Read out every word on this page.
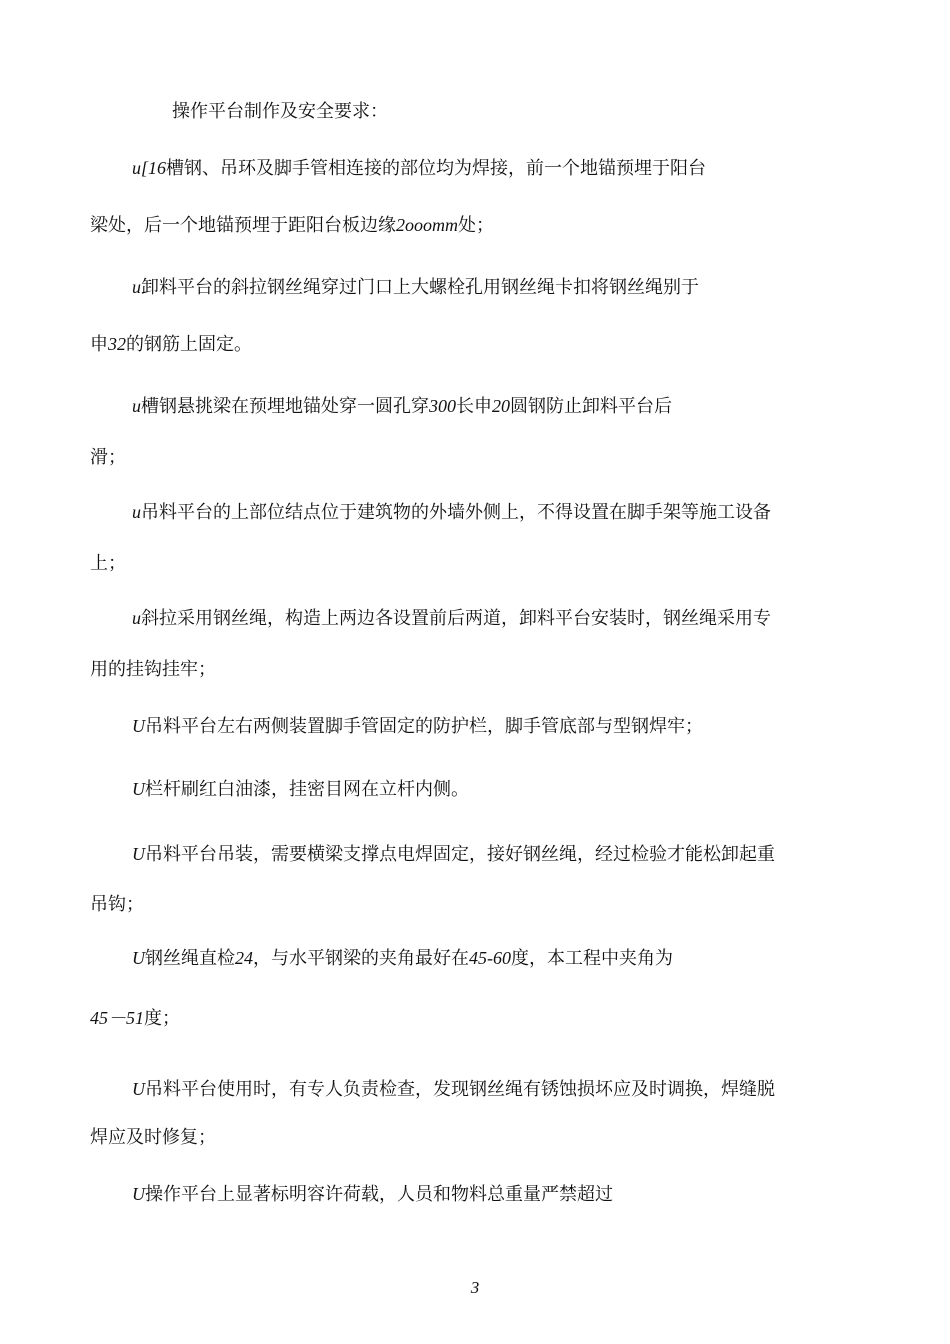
操作平台制作及安全要求：
u[16槽钢、吊环及脚手管相连接的部位均为焊接，前一个地锚预埋于阳台
梁处，后一个地锚预埋于距阳台板边缘2ooomm处；
u卸料平台的斜拉钢丝绳穿过门口上大螺栓孔用钢丝绳卡扣将钢丝绳别于
申32的钢筋上固定。
u槽钢悬挑梁在预埋地锚处穿一圆孔穿300长申20圆钢防止卸料平台后
滑；
u吊料平台的上部位结点位于建筑物的外墙外侧上，不得设置在脚手架等施工设备
上；
u斜拉采用钢丝绳，构造上两边各设置前后两道，卸料平台安装时，钢丝绳采用专
用的挂钩挂牢；
U吊料平台左右两侧装置脚手管固定的防护栏，脚手管底部与型钢焊牢；
U栏杆刷红白油漆，挂密目网在立杆内侧。
U吊料平台吊装，需要横梁支撑点电焊固定，接好钢丝绳，经过检验才能松卸起重
吊钩；
U钢丝绳直检24，与水平钢梁的夹角最好在45-60度，本工程中夹角为
45－51度；
U吊料平台使用时，有专人负责检查，发现钢丝绳有锈蚀损坏应及时调换，焊缝脱
焊应及时修复；
U操作平台上显著标明容许荷载，人员和物料总重量严禁超过
3
